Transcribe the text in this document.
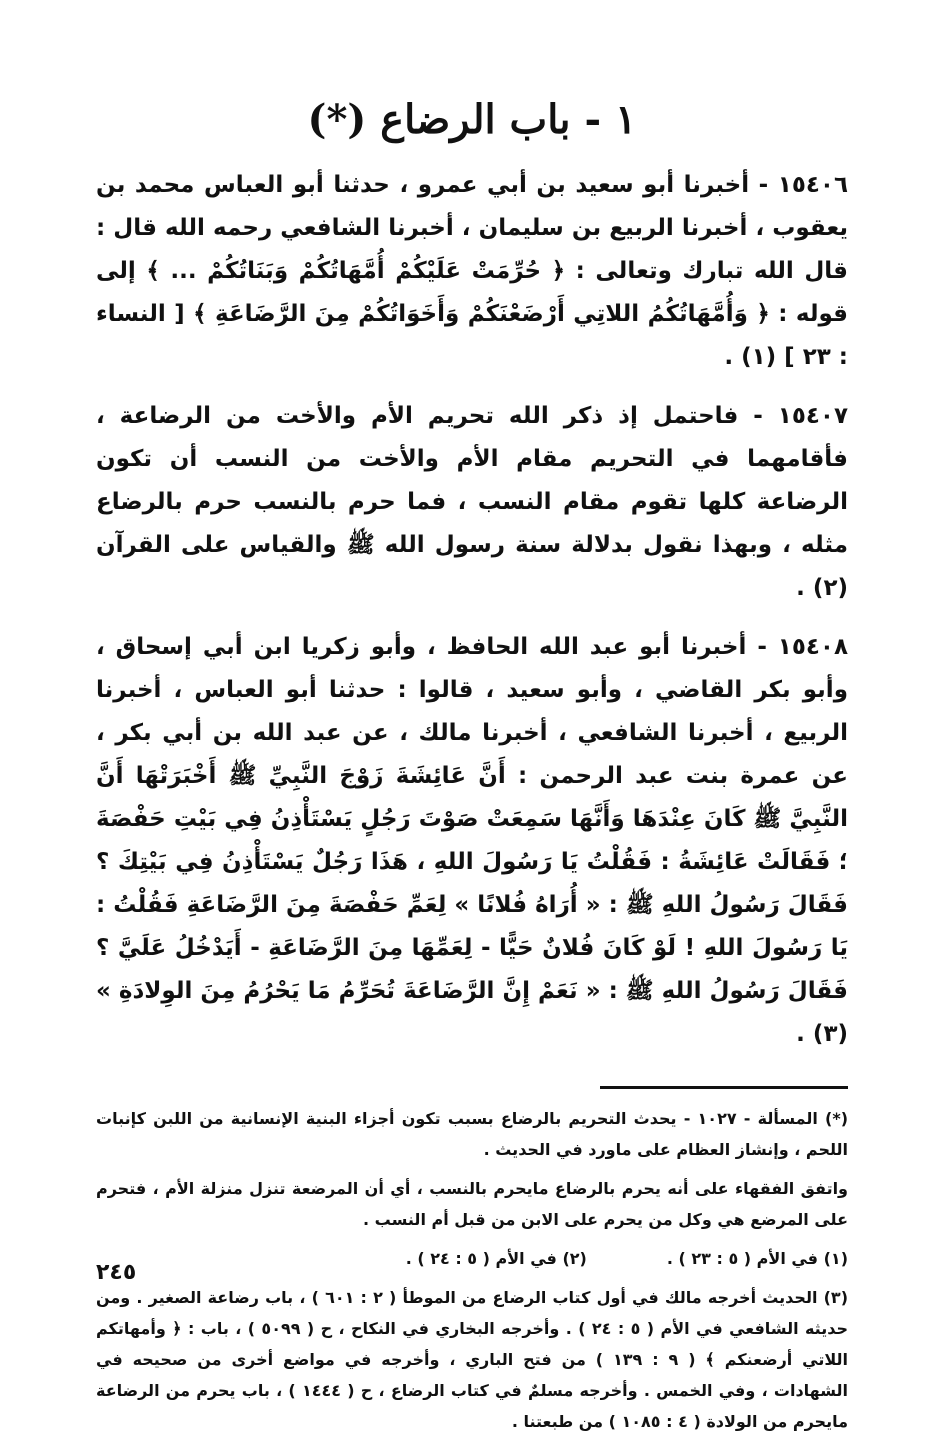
١ - باب الرضاع (*)

١٥٤٠٦ - أخبرنا أبو سعيد بن أبي عمرو ، حدثنا أبو العباس محمد بن يعقوب ، أخبرنا الربيع بن سليمان ، أخبرنا الشافعي رحمه الله قال : قال الله تبارك وتعالى : ﴿ حُرِّمَتْ عَلَيْكُمْ أُمَّهَاتُكُمْ وَبَنَاتُكُمْ ... ﴾ إلى قوله : ﴿ وَأُمَّهَاتُكُمُ اللاتِي أَرْضَعْنَكُمْ وَأَخَوَاتُكُمْ مِنَ الرَّضَاعَةِ ﴾ [ النساء : ٢٣ ] (١) .

١٥٤٠٧ - فاحتمل إذ ذكر الله تحريم الأم والأخت من الرضاعة ، فأقامهما في التحريم مقام الأم والأخت من النسب أن تكون الرضاعة كلها تقوم مقام النسب ، فما حرم بالنسب حرم بالرضاع مثله ، وبهذا نقول بدلالة سنة رسول الله ﷺ والقياس على القرآن (٢) .

١٥٤٠٨ - أخبرنا أبو عبد الله الحافظ ، وأبو زكريا ابن أبي إسحاق ، وأبو بكر القاضي ، وأبو سعيد ، قالوا : حدثنا أبو العباس ، أخبرنا الربيع ، أخبرنا الشافعي ، أخبرنا مالك ، عن عبد الله بن أبي بكر ، عن عمرة بنت عبد الرحمن : أَنَّ عَائِشَةَ زَوْجَ النَّبِيِّ ﷺ أَخْبَرَتْهَا أَنَّ النَّبِيَّ ﷺ كَانَ عِنْدَهَا وَأَنَّهَا سَمِعَتْ صَوْتَ رَجُلٍ يَسْتَأْذِنُ فِي بَيْتِ حَفْصَةَ ؛ فَقَالَتْ عَائِشَةُ : فَقُلْتُ يَا رَسُولَ اللهِ ، هَذَا رَجُلٌ يَسْتَأْذِنُ فِي بَيْتِكَ ؟ فَقَالَ رَسُولُ اللهِ ﷺ : « أُرَاهُ فُلانًا » لِعَمِّ حَفْصَةَ مِنَ الرَّضَاعَةِ فَقُلْتُ : يَا رَسُولَ اللهِ ! لَوْ كَانَ فُلانٌ حَيًّا - لِعَمِّهَا مِنَ الرَّضَاعَةِ - أَيَدْخُلُ عَلَيَّ ؟ فَقَالَ رَسُولُ اللهِ ﷺ : « نَعَمْ إِنَّ الرَّضَاعَةَ تُحَرِّمُ مَا يَحْرُمُ مِنَ الوِلادَةِ » (٣) .

(*) المسألة - ١٠٢٧ - يحدث التحريم بالرضاع بسبب تكون أجزاء البنية الإنسانية من اللبن كإنبات اللحم ، وإنشاز العظام على ماورد في الحديث .

واتفق الفقهاء على أنه يحرم بالرضاع مايحرم بالنسب ، أي أن المرضعة تنزل منزلة الأم ، فتحرم على المرضع هي وكل من يحرم على الابن من قبل أم النسب .

(١) في الأم ( ٥ : ٢٣ ) .

(٢) في الأم ( ٥ : ٢٤ ) .

(٣) الحديث أخرجه مالك في أول كتاب الرضاع من الموطأ ( ٢ : ٦٠١ ) ، باب رضاعة الصغير . ومن حديثه الشافعي في الأم ( ٥ : ٢٤ ) . وأخرجه البخاري في النكاح ، ح ( ٥٠٩٩ ) ، باب : ﴿ وأمهاتكم اللاتي أرضعنكم ﴾ ( ٩ : ١٣٩ ) من فتح الباري ، وأخرجه في مواضع أخرى من صحيحه في الشهادات ، وفي الخمس . وأخرجه مسلمٌ في كتاب الرضاع ، ح ( ١٤٤٤ ) ، باب يحرم من الرضاعة مايحرم من الولادة ( ٤ : ١٠٨٥ ) من طبعتنا .

٢٤٥
